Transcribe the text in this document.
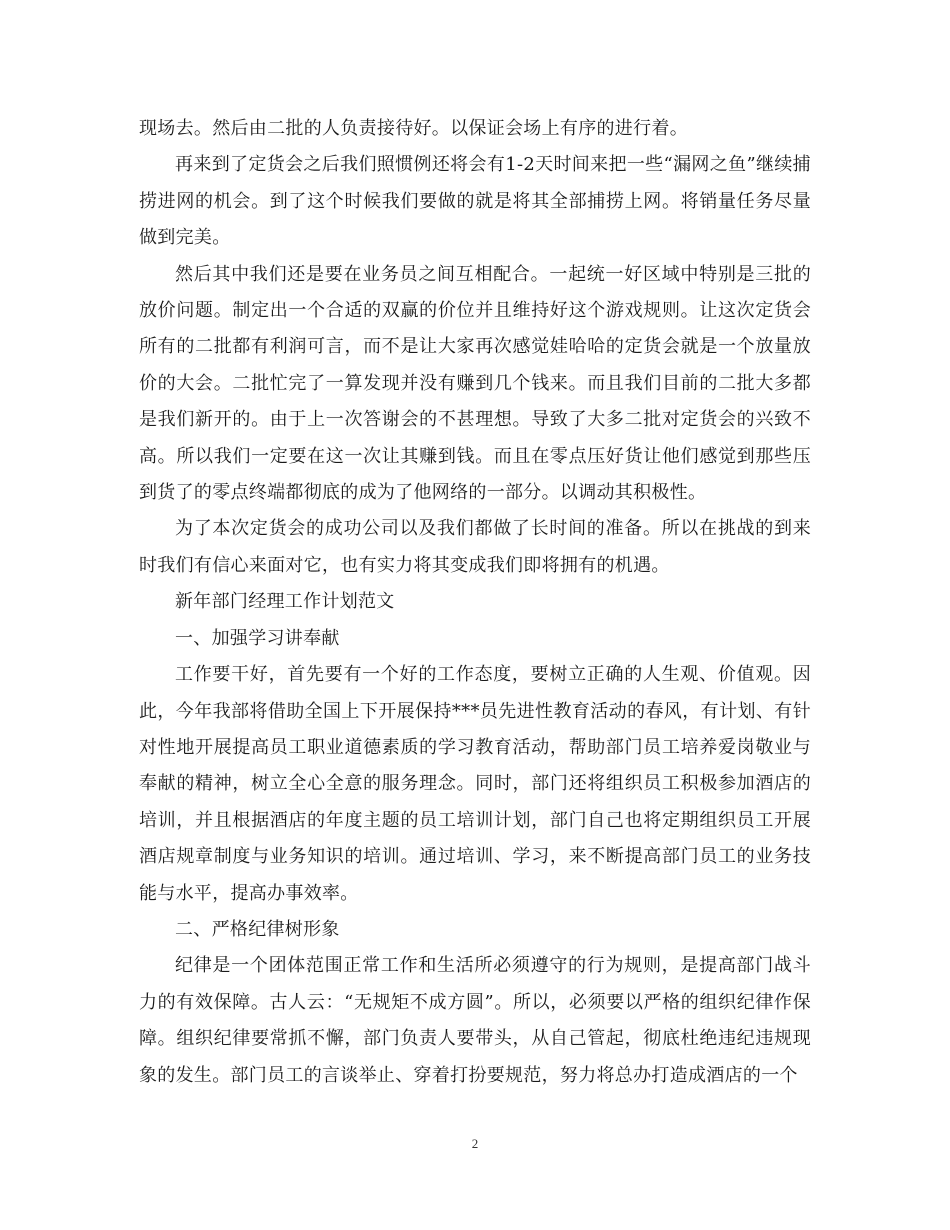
现场去。然后由二批的人负责接待好。以保证会场上有序的进行着。

再来到了定货会之后我们照惯例还将会有1-2天时间来把一些“漏网之鱼”继续捕捞进网的机会。到了这个时候我们要做的就是将其全部捕捞上网。将销量任务尽量做到完美。

然后其中我们还是要在业务员之间互相配合。一起统一好区域中特别是三批的放价问题。制定出一个合适的双赢的价位并且维持好这个游戏规则。让这次定货会所有的二批都有利润可言，而不是让大家再次感觉娃哈哈的定货会就是一个放量放价的大会。二批忙完了一算发现并没有赚到几个钱来。而且我们目前的二批大多都是我们新开的。由于上一次答谢会的不甚理想。导致了大多二批对定货会的兴致不高。所以我们一定要在这一次让其赚到钱。而且在零点压好货让他们感觉到那些压到货了的零点终端都彻底的成为了他网络的一部分。以调动其积极性。

为了本次定货会的成功公司以及我们都做了长时间的准备。所以在挑战的到来时我们有信心来面对它，也有实力将其变成我们即将拥有的机遇。

新年部门经理工作计划范文

一、加强学习讲奉献

工作要干好，首先要有一个好的工作态度，要树立正确的人生观、价值观。因此，今年我部将借助全国上下开展保持***员先进性教育活动的春风，有计划、有针对性地开展提高员工职业道德素质的学习教育活动，帮助部门员工培养爱岗敬业与奉献的精神，树立全心全意的服务理念。同时，部门还将组织员工积极参加酒店的培训，并且根据酒店的年度主题的员工培训计划，部门自己也将定期组织员工开展酒店规章制度与业务知识的培训。通过培训、学习，来不断提高部门员工的业务技能与水平，提高办事效率。

二、严格纪律树形象

纪律是一个团体范围正常工作和生活所必须遵守的行为规则，是提高部门战斗力的有效保障。古人云：“无规矩不成方圆”。所以，必须要以严格的组织纪律作保障。组织纪律要常抓不懈，部门负责人要带头，从自己管起，彻底杜绝违纪违规现象的发生。部门员工的言谈举止、穿着打扮要规范，努力将总办打造成酒店的一个

2
